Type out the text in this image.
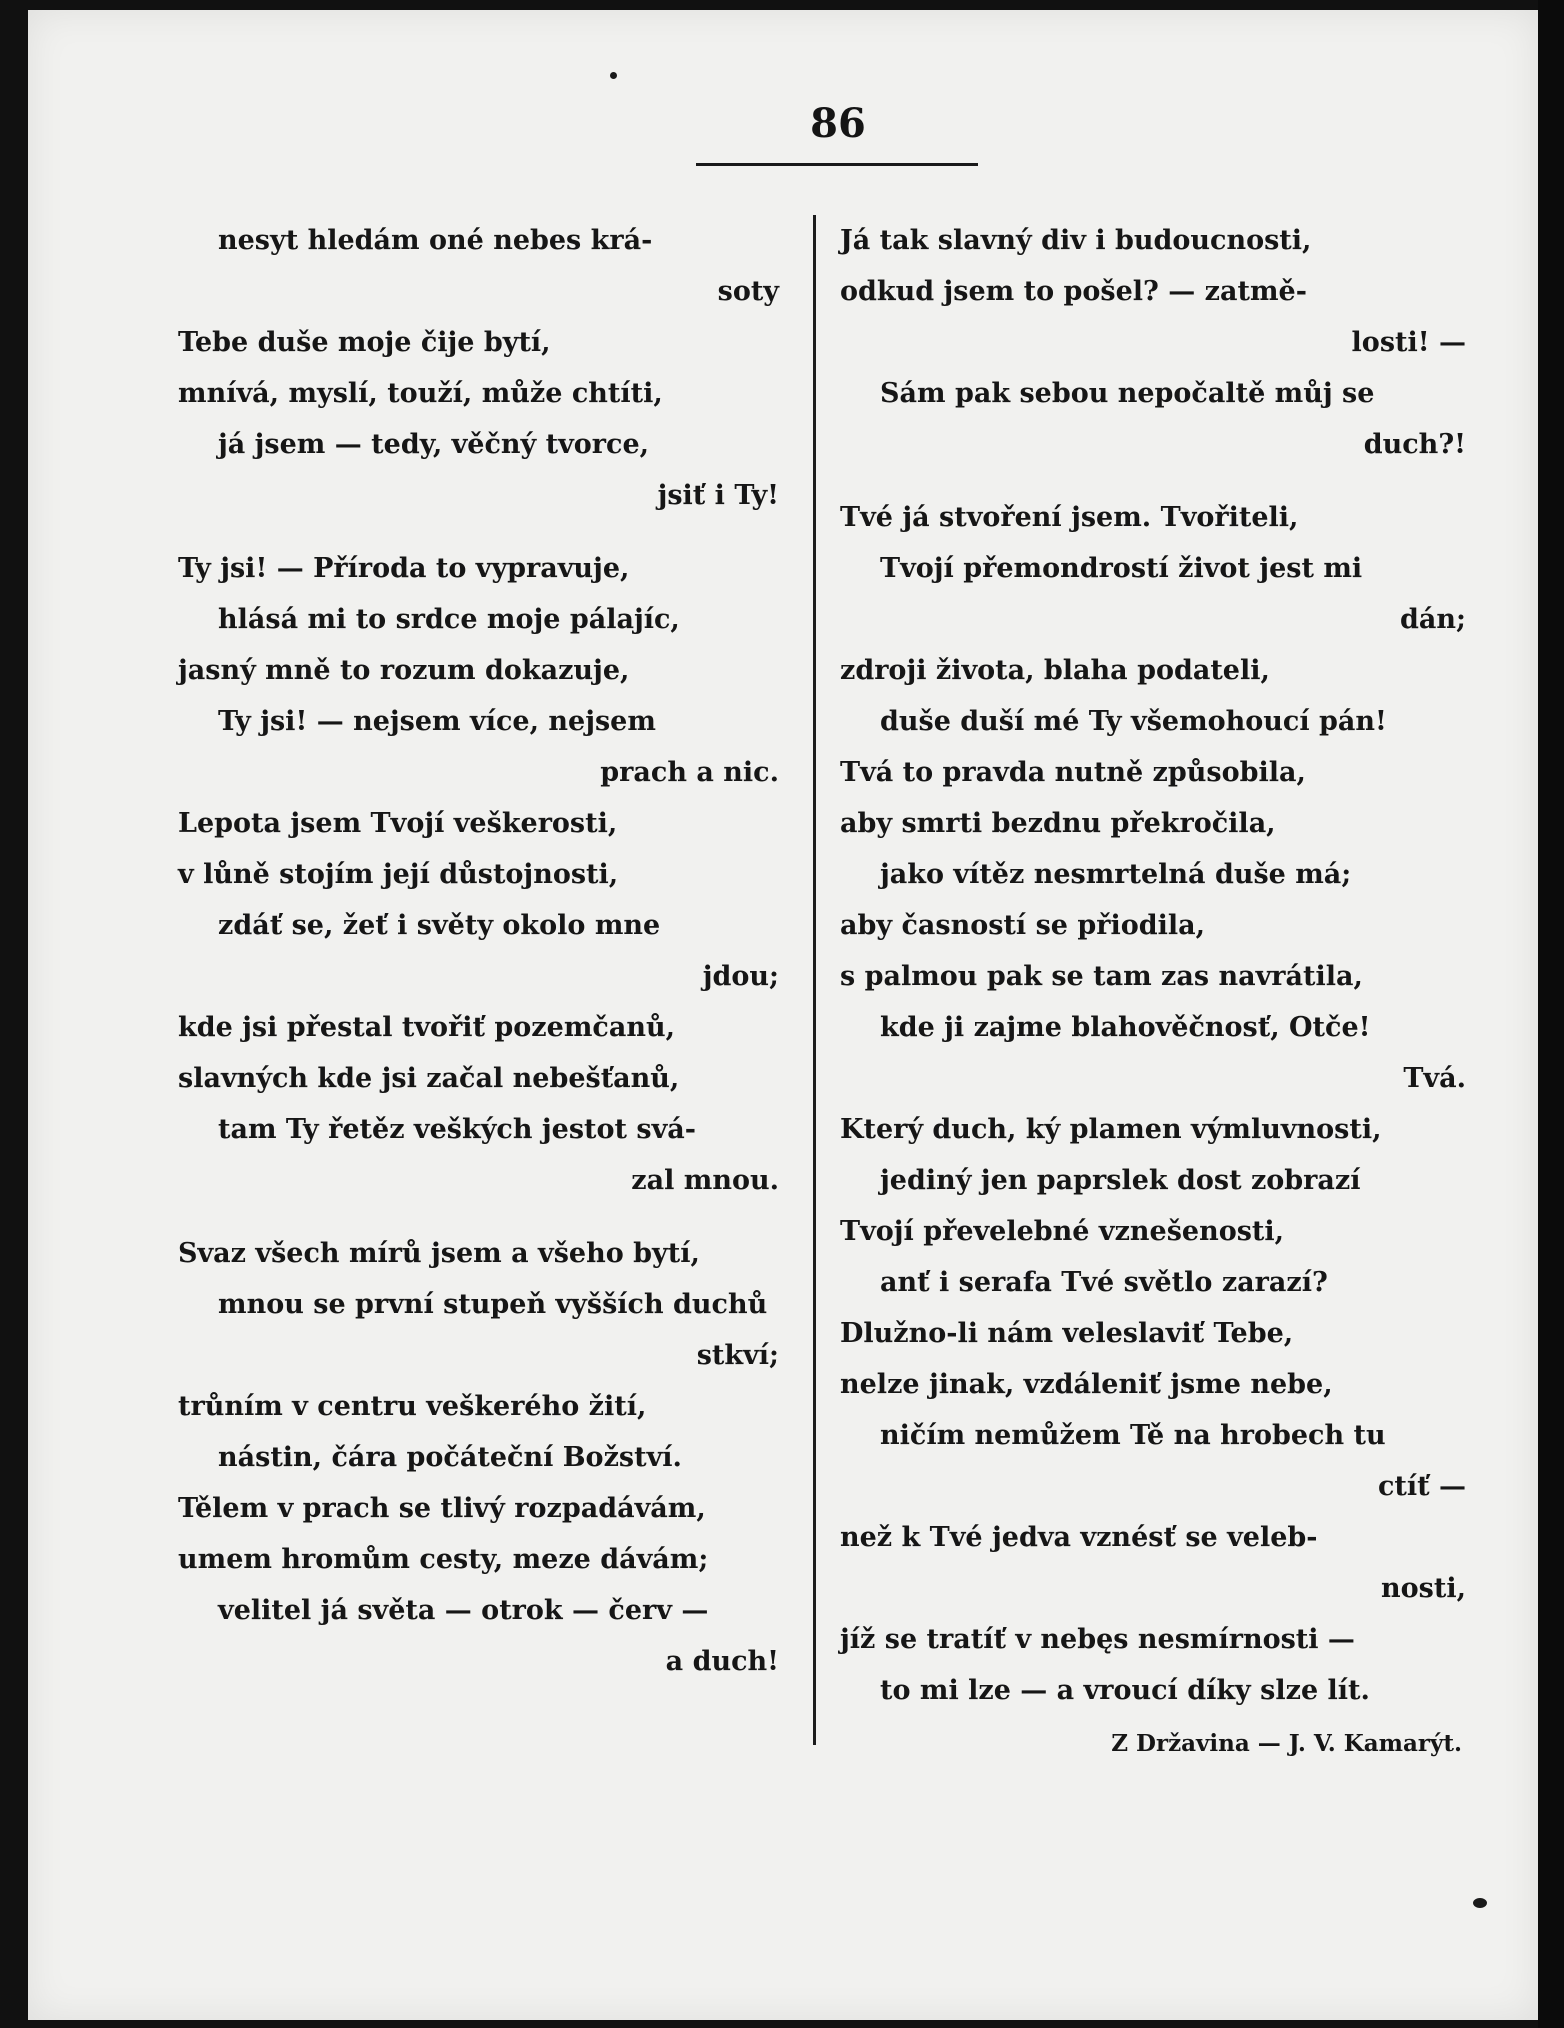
86
nesyt hledám oné nebes krá-
soty
Tebe duše moje čije bytí,
mnívá, myslí, touží, může chtíti,
já jsem — tedy, věčný tvorce,
jsiť i Ty!
Ty jsi! — Příroda to vypravuje,
hlásá mi to srdce moje pálajíc,
jasný mně to rozum dokazuje,
Ty jsi! — nejsem více, nejsem
prach a nic.
Lepota jsem Tvojí veškerosti,
v lůně stojím její důstojnosti,
zdáť se, žeť i světy okolo mne
jdou;
kde jsi přestal tvořiť pozemčanů,
slavných kde jsi začal nebešťanů,
tam Ty řetěz veškých jestot svá-
zal mnou.
Svaz všech mírů jsem a všeho bytí,
mnou se první stupeň vyšších duchů
stkví;
trůním v centru veškerého žití,
nástin, čára počáteční Božství.
Tělem v prach se tlivý rozpadávám,
umem hromům cesty, meze dávám;
velitel já světa — otrok — červ —
a duch!
Já tak slavný div i budoucnosti,
odkud jsem to pošel? — zatmě-
losti! —
Sám pak sebou nepočaltě můj se
duch?!
Tvé já stvoření jsem. Tvořiteli,
Tvojí přemondrostí život jest mi
dán;
zdroji života, blaha podateli,
duše duší mé Ty všemohoucí pán!
Tvá to pravda nutně způsobila,
aby smrti bezdnu překročila,
jako vítěz nesmrtelná duše má;
aby časností se přiodila,
s palmou pak se tam zas navrátila,
kde ji zajme blahověčnosť, Otče!
Tvá.
Který duch, ký plamen výmluvnosti,
jediný jen paprslek dost zobrazí
Tvojí převelebné vznešenosti,
anť i serafa Tvé světlo zarazí?
Dlužno-li nám veleslaviť Tebe,
nelze jinak, vzdáleniť jsme nebe,
ničím nemůžem Tě na hrobech tu
ctíť —
než k Tvé jedva vznésť se veleb-
nosti,
jíž se tratíť v nebęs nesmírnosti —
to mi lze — a vroucí díky slze lít.
Z Državina — J. V. Kamarýt.
